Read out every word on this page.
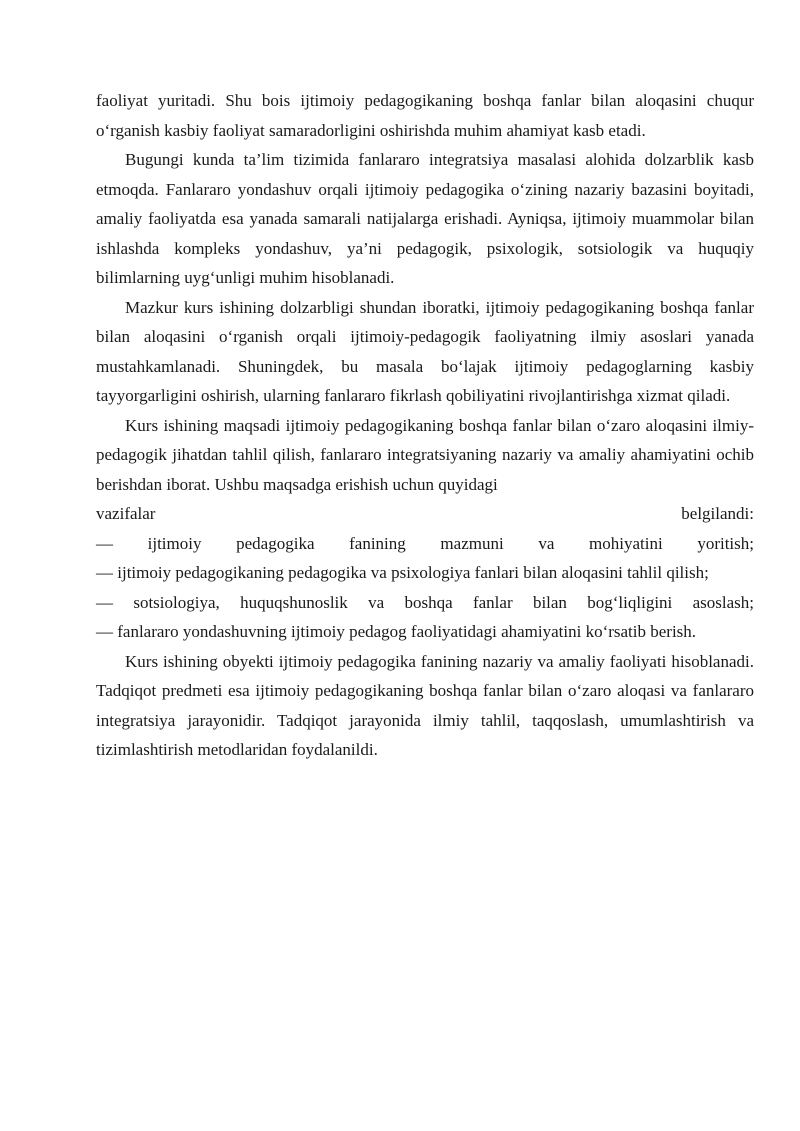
faoliyat yuritadi. Shu bois ijtimoiy pedagogikaning boshqa fanlar bilan aloqasini chuqur o‘rganish kasbiy faoliyat samaradorligini oshirishda muhim ahamiyat kasb etadi.

Bugungi kunda ta’lim tizimida fanlararo integratsiya masalasi alohida dolzarblik kasb etmoqda. Fanlararo yondashuv orqali ijtimoiy pedagogika o‘zining nazariy bazasini boyitadi, amaliy faoliyatda esa yanada samarali natijalarga erishadi. Ayniqsa, ijtimoiy muammolar bilan ishlashda kompleks yondashuv, ya’ni pedagogik, psixologik, sotsiologik va huquqiy bilimlarning uyg‘unligi muhim hisoblanadi.

Mazkur kurs ishining dolzarbligi shundan iboratki, ijtimoiy pedagogikaning boshqa fanlar bilan aloqasini o‘rganish orqali ijtimoiy-pedagogik faoliyatning ilmiy asoslari yanada mustahkamlanadi. Shuningdek, bu masala bo‘lajak ijtimoiy pedagoglarning kasbiy tayyorgarligini oshirish, ularning fanlararo fikrlash qobiliyatini rivojlantirishga xizmat qiladi.

Kurs ishining maqsadi ijtimoiy pedagogikaning boshqa fanlar bilan o‘zaro aloqasini ilmiy-pedagogik jihatdan tahlil qilish, fanlararo integratsiyaning nazariy va amaliy ahamiyatini ochib berishdan iborat. Ushbu maqsadga erishish uchun quyidagi

vazifalar belgilandi:

— ijtimoiy pedagogika fanining mazmuni va mohiyatini yoritish;

— ijtimoiy pedagogikaning pedagogika va psixologiya fanlari bilan aloqasini tahlil qilish;

— sotsiologiya, huquqshunoslik va boshqa fanlar bilan bog‘liqligini asoslash;

— fanlararo yondashuvning ijtimoiy pedagog faoliyatidagi ahamiyatini ko‘rsatib berish.

Kurs ishining obyekti ijtimoiy pedagogika fanining nazariy va amaliy faoliyati hisoblanadi. Tadqiqot predmeti esa ijtimoiy pedagogikaning boshqa fanlar bilan o‘zaro aloqasi va fanlararo integratsiya jarayonidir. Tadqiqot jarayonida ilmiy tahlil, taqqoslash, umumlashtirish va tizimlashtirish metodlaridan foydalanildi.
